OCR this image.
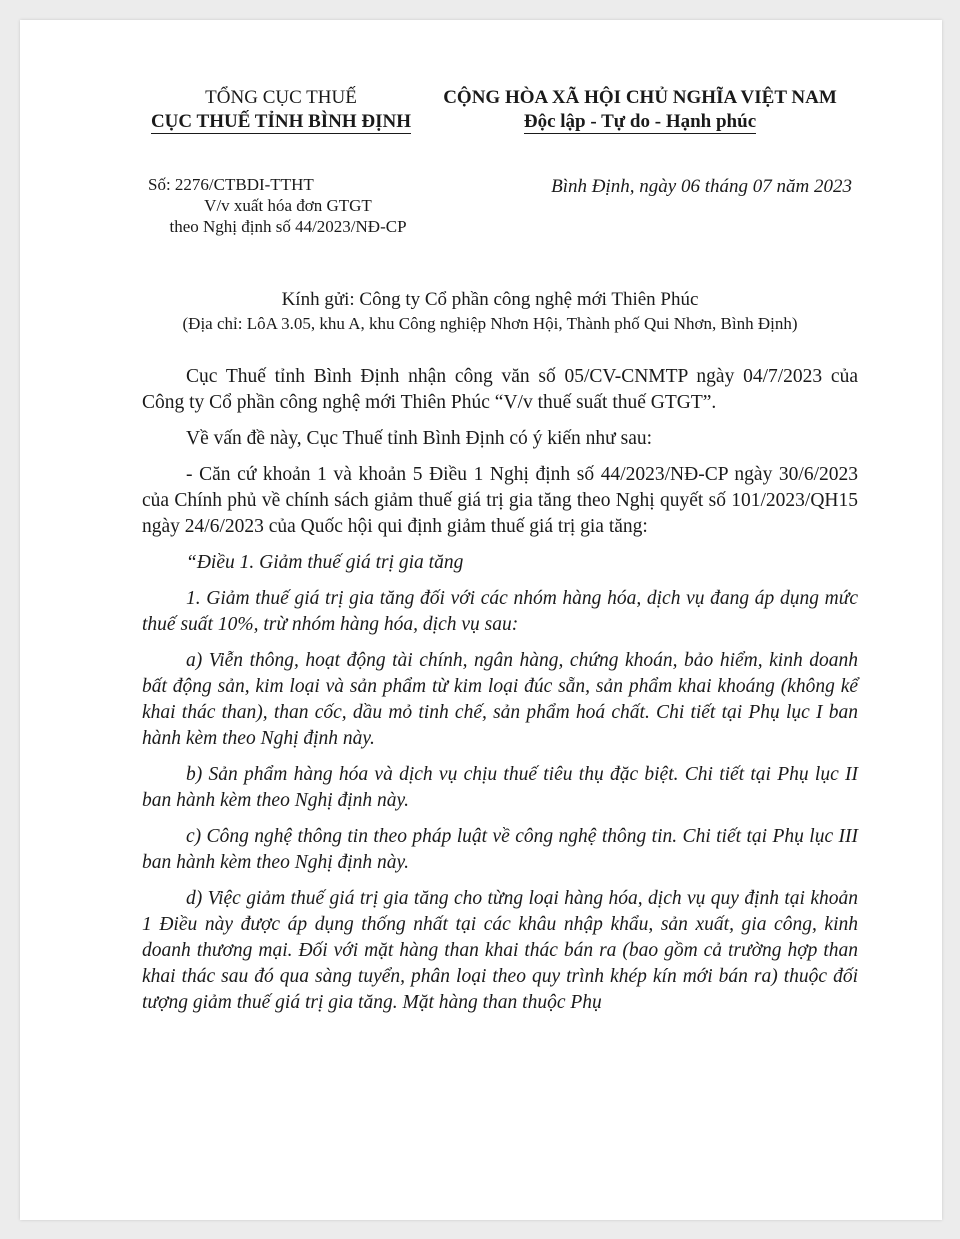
TỔNG CỤC THUẾ
CỤC THUẾ TỈNH BÌNH ĐỊNH
CỘNG HÒA XÃ HỘI CHỦ NGHĨA VIỆT NAM
Độc lập - Tự do - Hạnh phúc
Số: 2276/CTBDI-TTHT
V/v xuất hóa đơn GTGT
theo Nghị định số 44/2023/NĐ-CP
Bình Định, ngày 06 tháng 07 năm 2023
Kính gửi: Công ty Cổ phần công nghệ mới Thiên Phúc
(Địa chỉ: LôA 3.05, khu A, khu Công nghiệp Nhơn Hội, Thành phố Qui Nhơn, Bình Định)

Cục Thuế tỉnh Bình Định nhận công văn số 05/CV-CNMTP ngày 04/7/2023 của Công ty Cổ phần công nghệ mới Thiên Phúc “V/v thuế suất thuế GTGT”.

Về vấn đề này, Cục Thuế tỉnh Bình Định có ý kiến như sau:

- Căn cứ khoản 1 và khoản 5 Điều 1 Nghị định số 44/2023/NĐ-CP ngày 30/6/2023 của Chính phủ về chính sách giảm thuế giá trị gia tăng theo Nghị quyết số 101/2023/QH15 ngày 24/6/2023 của Quốc hội qui định giảm thuế giá trị gia tăng:

“Điều 1. Giảm thuế giá trị gia tăng

1. Giảm thuế giá trị gia tăng đối với các nhóm hàng hóa, dịch vụ đang áp dụng mức thuế suất 10%, trừ nhóm hàng hóa, dịch vụ sau:

a) Viễn thông, hoạt động tài chính, ngân hàng, chứng khoán, bảo hiểm, kinh doanh bất động sản, kim loại và sản phẩm từ kim loại đúc sẵn, sản phẩm khai khoáng (không kể khai thác than), than cốc, dầu mỏ tinh chế, sản phẩm hoá chất. Chi tiết tại Phụ lục I ban hành kèm theo Nghị định này.

b) Sản phẩm hàng hóa và dịch vụ chịu thuế tiêu thụ đặc biệt. Chi tiết tại Phụ lục II ban hành kèm theo Nghị định này.

c) Công nghệ thông tin theo pháp luật về công nghệ thông tin. Chi tiết tại Phụ lục III ban hành kèm theo Nghị định này.

d) Việc giảm thuế giá trị gia tăng cho từng loại hàng hóa, dịch vụ quy định tại khoản 1 Điều này được áp dụng thống nhất tại các khâu nhập khẩu, sản xuất, gia công, kinh doanh thương mại. Đối với mặt hàng than khai thác bán ra (bao gồm cả trường hợp than khai thác sau đó qua sàng tuyển, phân loại theo quy trình khép kín mới bán ra) thuộc đối tượng giảm thuế giá trị gia tăng. Mặt hàng than thuộc Phụ
